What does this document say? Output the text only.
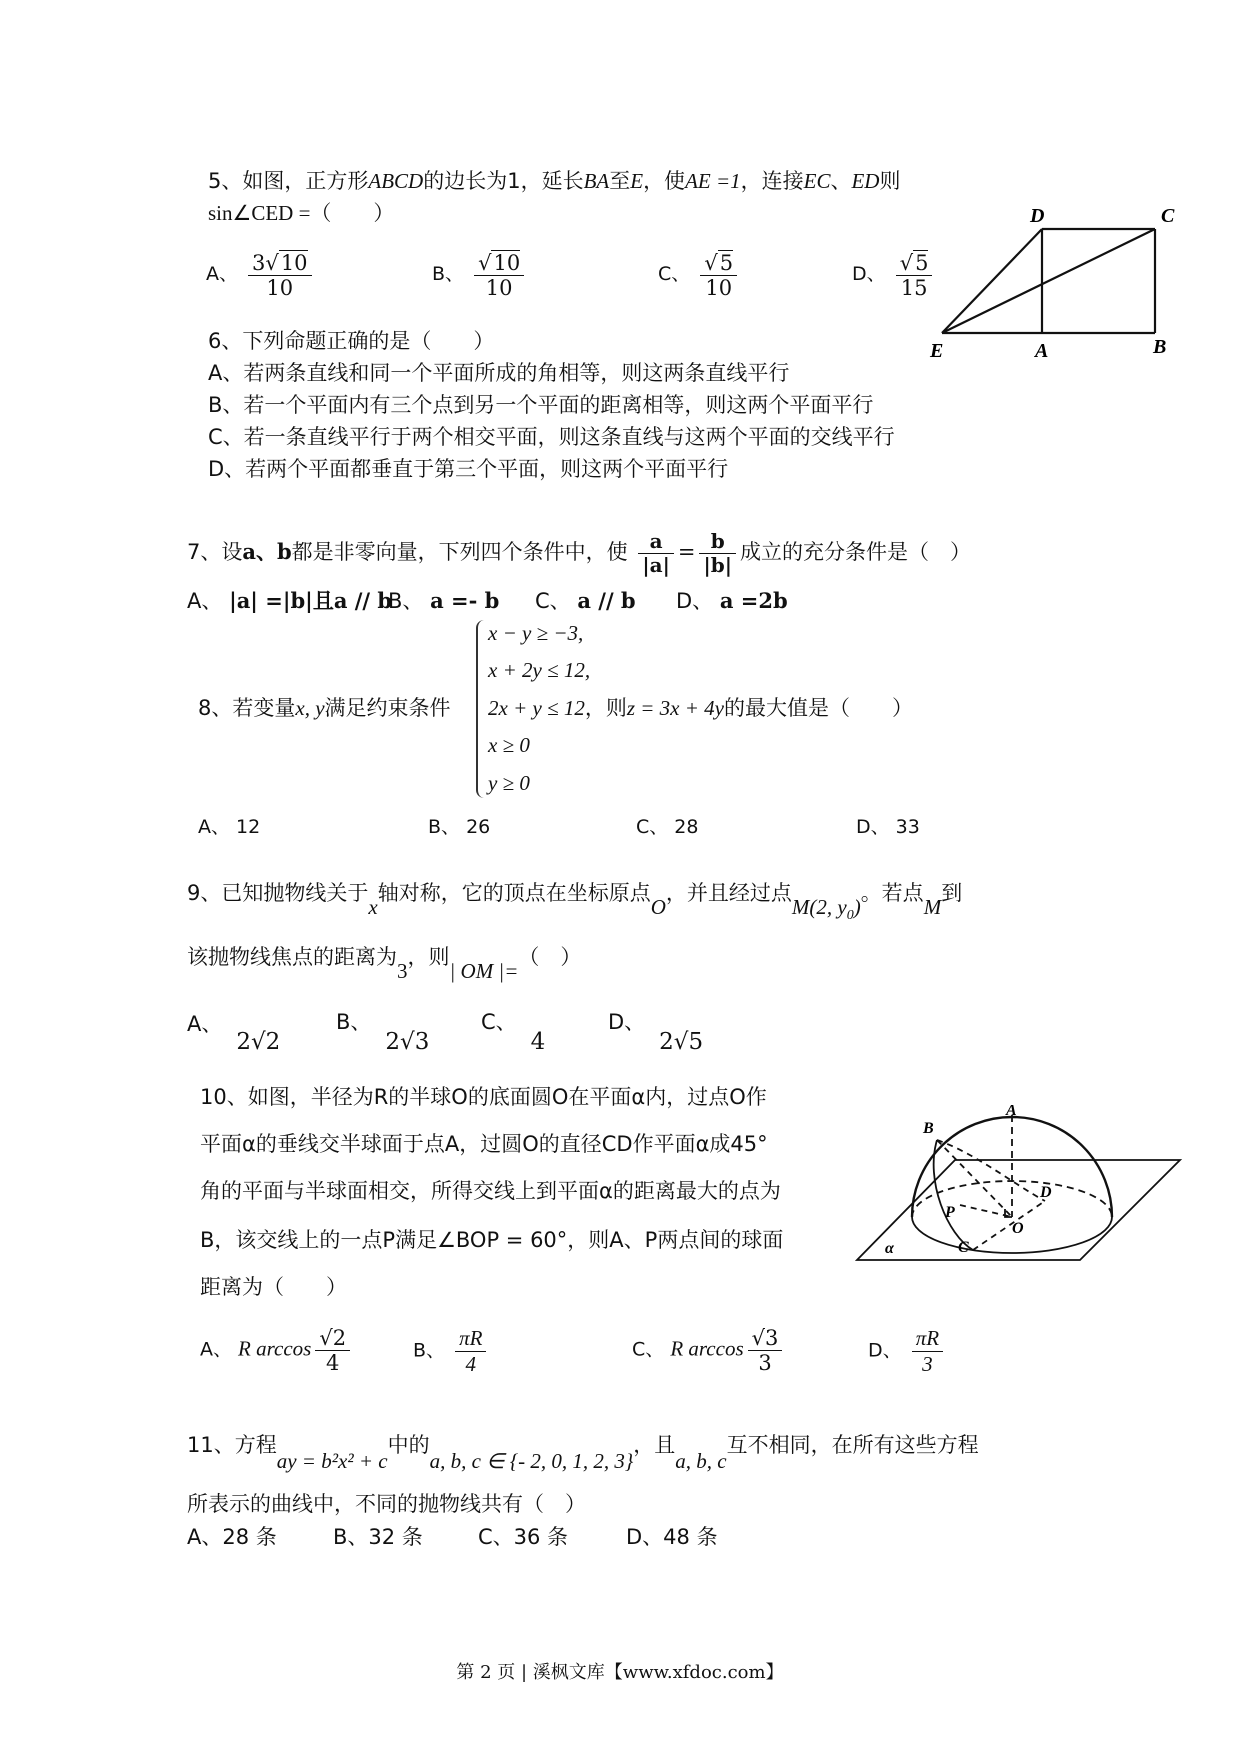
5、如图，正方形ABCD的边长为1，延长BA至E，使AE =1，连接EC、ED则
sin∠CED =（　　）
A、 $\frac{3 √ 10}{10}$	B、 √ $\frac{10}{10}$	C、 √ $\frac{5}{10}$	D、 √ $\frac{5}{15}$
D	C
E	A	B
6、下列命题正确的是（　　）
A、若两条直线和同一个平面所成的角相等，则这两条直线平行
B、若一个平面内有三个点到另一个平面的距离相等，则这两个平面平行
C、若一条直线平行于两个相交平面，则这条直线与这两个平面的交线平行
D、若两个平面都垂直于第三个平面，则这两个平面平行
7、设a、b都是非零向量，下列四个条件中，使 $\frac{a}{|a|} = \frac{b}{|b|}$ 成立的充分条件是（　）
A、 |a| =|b|且a // b
B、 a =- b C、 a // b D、 a =2b
8、若变量x, y满足约束条件
x − y ≥ −3,
x + 2y ≤ 12,
2x + y ≤ 12，则z = 3x + 4y的最大值是（　　）
x ≥ 0
y ≥ 0
A、 12	B、 26	C、 28	D、 33
9、已知抛物线关于x轴对称，它的顶点在坐标原点O，并且经过点M(2, $y_0$)。若点M到
该抛物线焦点的距离为3，则| OM |=（　）
A、2√2
B、2√3
C、4
D、2√5
10、如图，半径为R的半球O的底面圆O在平面α内，过点O作
平面α的垂线交半球面于点A，过圆O的直径CD作平面α成45°
角的平面与半球面相交，所得交线上到平面α的距离最大的点为
B，该交线上的一点P满足∠BOP = 60°，则A、P两点间的球面
距离为（　　）
A、 R $\arccos \frac{√2}{4}$	B、 $\frac{\pi R}{4}$	C、 R $\arccos \frac{√3}{3}$	D、 $\frac{\pi R}{3}$
A
B
D
P
O
C
α
11、方程ay = b²x² + c中的a, b, c ∈ {- 2, 0, 1, 2, 3}，且a, b, c互不相同，在所有这些方程
所表示的曲线中，不同的抛物线共有（　）
A、28 条	B、32 条	C、36 条	D、48 条
第 2 页 | 溪枫文库【www.xfdoc.com】
